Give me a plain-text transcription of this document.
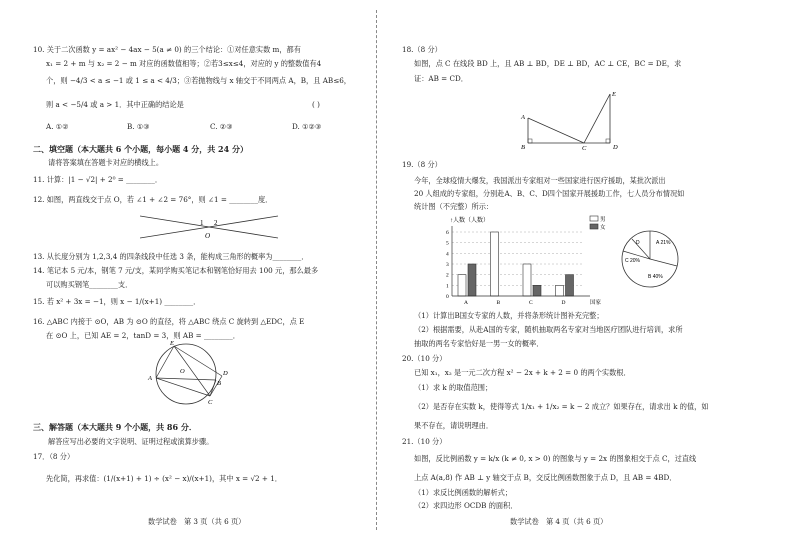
10. 关于二次函数 y = ax² − 4ax − 5(a ≠ 0) 的三个结论：①对任意实数 m，都有
x₁ = 2 + m 与 x₂ = 2 − m 对应的函数值相等；②若3≤x≤4，对应的 y 的整数值有4
个，则 −4/3 < a ≤ −1 或 1 ≤ a < 4/3；③若抛物线与 x 轴交于不同两点 A，B，且 AB≤6，
则 a < −5/4 或 a > 1．其中正确的结论是	( )
A. ①②	B. ①③	C. ②③	D. ①②③
二、填空题（本大题共 6 个小题，每小题 4 分，共 24 分）
请将答案填在答题卡对应的横线上。
11. 计算：|1 − √2| + 2⁰ = ________．
12. 如图，两直线交于点 O，若 ∠1 + ∠2 = 76°，则 ∠1 = ________度．
1 2
O
13. 从长度分别为 1,2,3,4 的四条线段中任选 3 条，能构成三角形的概率为________．
14. 笔记本 5 元/本，钢笔 7 元/支，某同学购买笔记本和钢笔恰好用去 100 元，那么最多
可以购买钢笔________支．
15. 若 x² + 3x = −1，则 x − 1/(x+1) ________．
16. △ABC 内接于 ⊙O，AB 为 ⊙O 的直径，将 △ABC 绕点 C 旋转到 △EDC，点 E
在 ⊙O 上，已知 AE = 2，tanD = 3，则 AB = ________．
E
O
A
B
C
D
三、解答题（本大题共 9 个小题，共 86 分．
解答应写出必要的文字说明、证明过程或演算步骤。
17．（8 分）
先化简，再求值：(1/(x+1) + 1) ÷ (x² − x)/(x+1)，其中 x = √2 + 1．
数学试卷　第 3 页（共 6 页）
18.（8 分）
如图，点 C 在线段 BD 上，且 AB ⊥ BD，DE ⊥ BD，AC ⊥ CE，BC = DE，求
证：AB = CD．
A
B	C	D
E
19.（8 分）
今年，全球疫情大爆发，我国派出专家组对一些国家进行医疗援助，某批次派出
20 人组成的专家组，分别赴A、B、C、D四个国家开展援助工作，七人员分布情况如
统计图（不完整）所示：
↑人数（人数）	男
女
0
1
2
3
4
5
6
A	B	C	D	国家
A 21%
B 40%
C 20%
D
（1）计算出B国女专家的人数，并将条形统计图补充完整；
（2）根据需要，从赴A国的专家，随机抽取两名专家对当地医疗团队进行培训，求所
抽取的两名专家恰好是一男一女的概率．
20.（10 分）
已知 x₁，x₂ 是一元二次方程 x² − 2x + k + 2 = 0 的两个实数根．
（1）求 k 的取值范围；
（2）是否存在实数 k，使得等式 1/x₁ + 1/x₂ = k − 2 成立？如果存在，请求出 k 的值，如
果不存在，请说明理由．
21.（10 分）
如图，反比例函数 y = k/x (k ≠ 0, x > 0) 的图象与 y = 2x 的图象相交于点 C，过直线
上点 A(a,8) 作 AB ⊥ y 轴交于点 B，交反比例函数图象于点 D，且 AB = 4BD．
（1）求反比例函数的解析式；
（2）求四边形 OCDB 的面积．
数学试卷　第 4 页（共 6 页）
